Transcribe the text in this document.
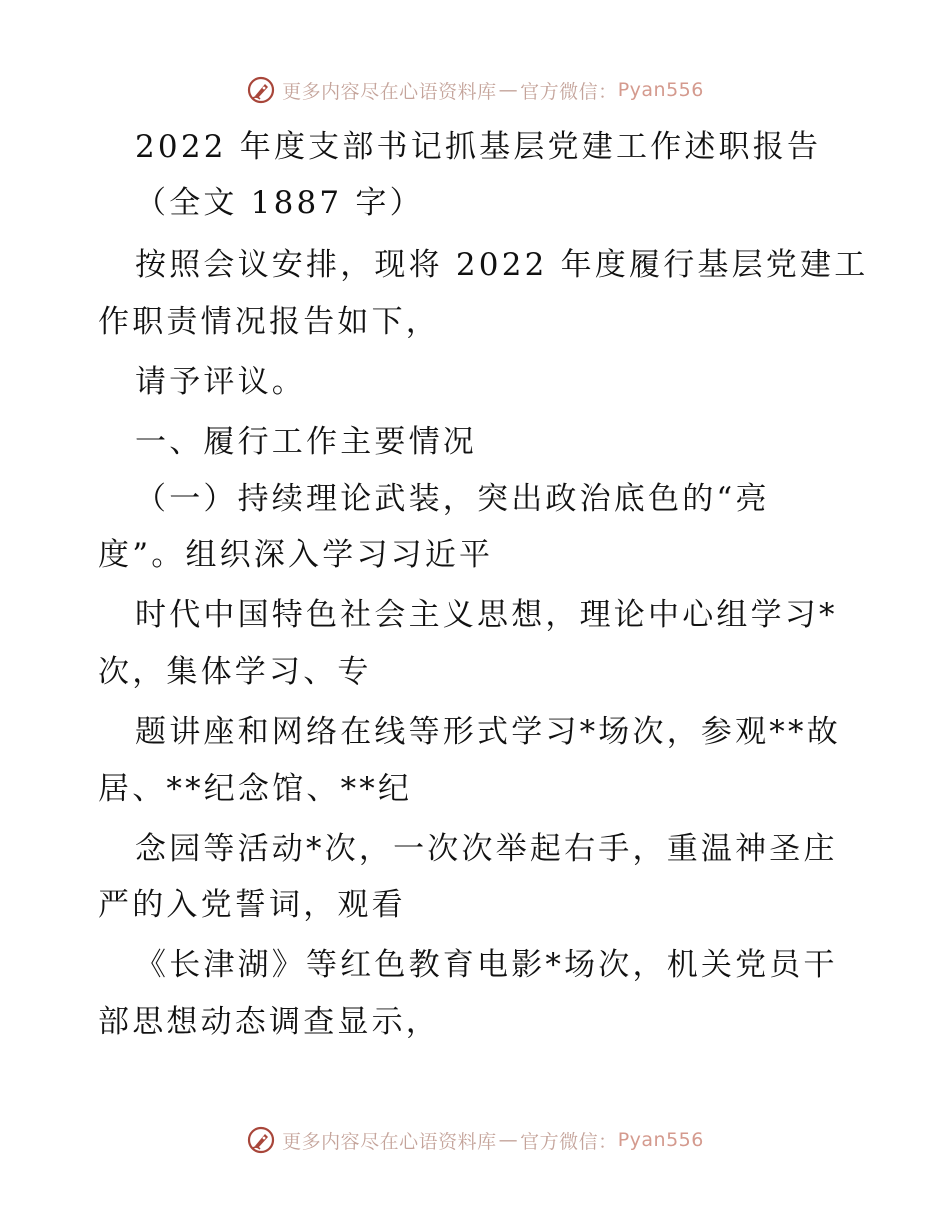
更多内容尽在心语资料库 — 官方微信： Pyan556
2022 年度支部书记抓基层党建工作述职报告
（全文 1887 字）
按照会议安排，现将 2022 年度履行基层党建工
作职责情况报告如下，
请予评议。
一、履行工作主要情况
（一）持续理论武装，突出政治底色的“亮
度”。组织深入学习习近平
时代中国特色社会主义思想，理论中心组学习*
次，集体学习、专
题讲座和网络在线等形式学习*场次，参观**故
居、**纪念馆、**纪
念园等活动*次，一次次举起右手，重温神圣庄
严的入党誓词，观看
《长津湖》等红色教育电影*场次，机关党员干
部思想动态调查显示，
更多内容尽在心语资料库 — 官方微信： Pyan556
